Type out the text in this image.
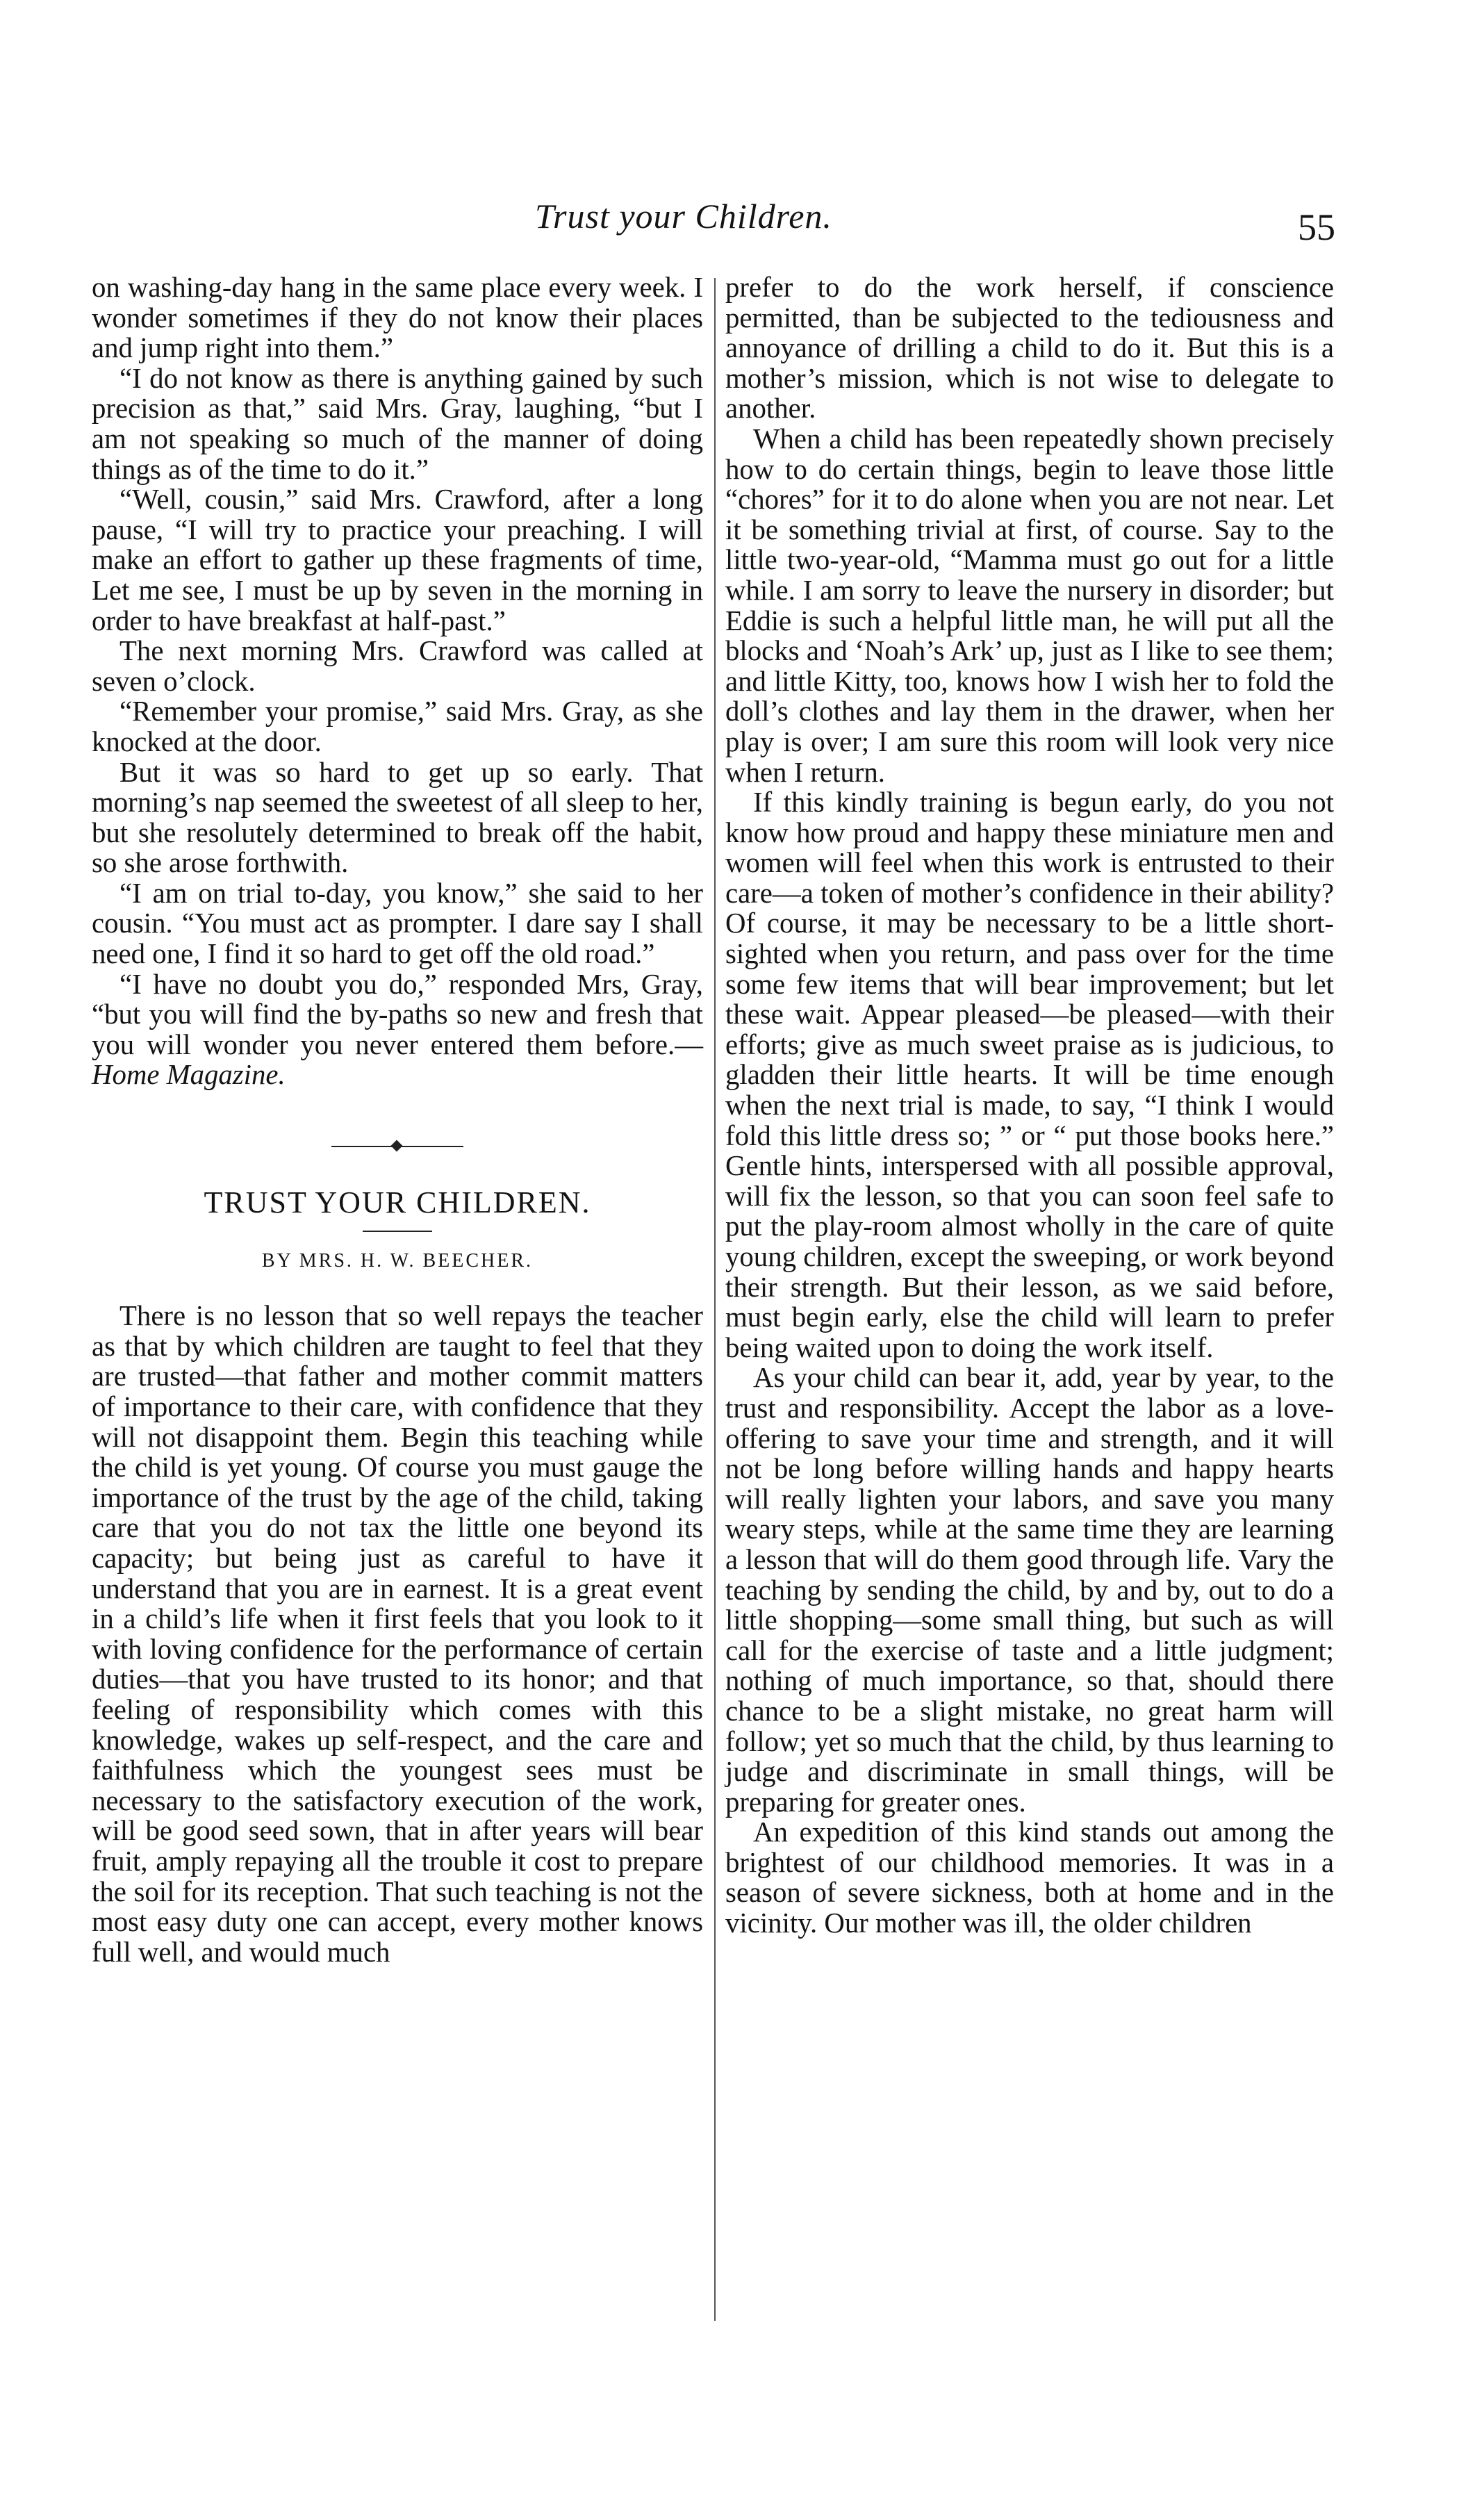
Trust your Children.	55

on washing-day hang in the same place every week. I wonder sometimes if they do not know their places and jump right into them.”

“I do not know as there is anything gained by such precision as that,” said Mrs. Gray, laughing, “but I am not speaking so much of the manner of doing things as of the time to do it.”

“Well, cousin,” said Mrs. Crawford, after a long pause, “I will try to practice your preaching. I will make an effort to gather up these fragments of time, Let me see, I must be up by seven in the morning in order to have breakfast at half-past.”

The next morning Mrs. Crawford was called at seven o’clock.

“Remember your promise,” said Mrs. Gray, as she knocked at the door.

But it was so hard to get up so early. That morning’s nap seemed the sweetest of all sleep to her, but she resolutely determined to break off the habit, so she arose forthwith.

“I am on trial to-day, you know,” she said to her cousin. “You must act as prompter. I dare say I shall need one, I find it so hard to get off the old road.”

“I have no doubt you do,” responded Mrs, Gray, “but you will find the by-paths so new and fresh that you will wonder you never entered them before.— Home Magazine.

TRUST YOUR CHILDREN.
BY MRS. H. W. BEECHER.

There is no lesson that so well repays the teacher as that by which children are taught to feel that they are trusted—that father and mother commit matters of importance to their care, with confidence that they will not disappoint them. Begin this teaching while the child is yet young. Of course you must gauge the importance of the trust by the age of the child, taking care that you do not tax the little one beyond its capacity; but being just as careful to have it understand that you are in earnest. It is a great event in a child’s life when it first feels that you look to it with loving confidence for the performance of certain duties—that you have trusted to its honor; and that feeling of responsibility which comes with this knowledge, wakes up self-respect, and the care and faithfulness which the youngest sees must be necessary to the satisfactory execution of the work, will be good seed sown, that in after years will bear fruit, amply repaying all the trouble it cost to prepare the soil for its reception. That such teaching is not the most easy duty one can accept, every mother knows full well, and would much

prefer to do the work herself, if conscience permitted, than be subjected to the tediousness and annoyance of drilling a child to do it. But this is a mother’s mission, which is not wise to delegate to another.

When a child has been repeatedly shown precisely how to do certain things, begin to leave those little “chores” for it to do alone when you are not near. Let it be something trivial at first, of course. Say to the little two-year-old, “Mamma must go out for a little while. I am sorry to leave the nursery in disorder; but Eddie is such a helpful little man, he will put all the blocks and ‘Noah’s Ark’ up, just as I like to see them; and little Kitty, too, knows how I wish her to fold the doll’s clothes and lay them in the drawer, when her play is over; I am sure this room will look very nice when I return.

If this kindly training is begun early, do you not know how proud and happy these miniature men and women will feel when this work is entrusted to their care—a token of mother’s confidence in their ability? Of course, it may be necessary to be a little short-sighted when you return, and pass over for the time some few items that will bear improvement; but let these wait. Appear pleased—be pleased—with their efforts; give as much sweet praise as is judicious, to gladden their little hearts. It will be time enough when the next trial is made, to say, “I think I would fold this little dress so; ” or “ put those books here.” Gentle hints, interspersed with all possible approval, will fix the lesson, so that you can soon feel safe to put the play-room almost wholly in the care of quite young children, except the sweeping, or work beyond their strength. But their lesson, as we said before, must begin early, else the child will learn to prefer being waited upon to doing the work itself.

As your child can bear it, add, year by year, to the trust and responsibility. Accept the labor as a love-offering to save your time and strength, and it will not be long before willing hands and happy hearts will really lighten your labors, and save you many weary steps, while at the same time they are learning a lesson that will do them good through life. Vary the teaching by sending the child, by and by, out to do a little shopping—some small thing, but such as will call for the exercise of taste and a little judgment; nothing of much importance, so that, should there chance to be a slight mistake, no great harm will follow; yet so much that the child, by thus learning to judge and discriminate in small things, will be preparing for greater ones.

An expedition of this kind stands out among the brightest of our childhood memories. It was in a season of severe sickness, both at home and in the vicinity. Our mother was ill, the older children
